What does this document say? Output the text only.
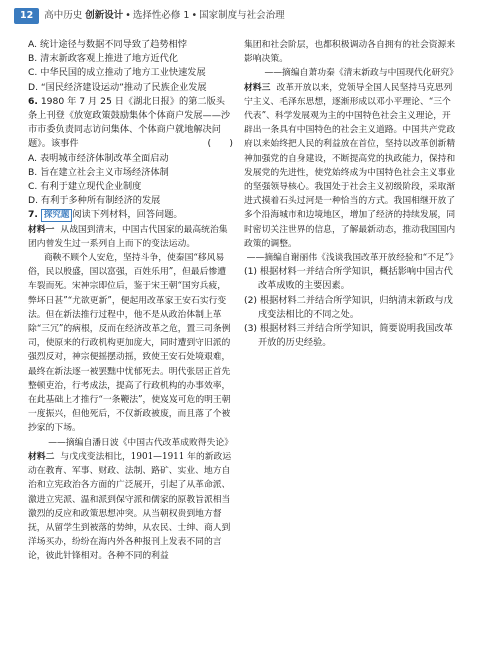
12 高中历史 创新设计 • 选择性必修 1 • 国家制度与社会治理

A. 统计途径与数据不同导致了趋势相悖

B. 清末新政客观上推进了地方近代化

C. 中华民国的成立推动了地方工业快速发展

D. “国民经济建设运动”推动了民族企业发展

6. 1980 年 7 月 25 日《湖北日报》的第二版头条上刊登《放宽政策鼓励集体个体商户发展——沙市市委负责同志访问集体、个体商户就地解决问题》。该事件	(　　)

A. 表明城市经济体制改革全面启动

B. 旨在建立社会主义市场经济体制

C. 有利于建立现代企业制度

D. 有利于多种所有制经济的发展

7. 探究题 阅读下列材料，回答问题。

材料一 从战国到清末，中国古代国家的最高统治集团内曾发生过一系列自上而下的变法运动。

商鞅不顾个人安危，坚持斗争，使秦国“移风易俗，民以殷盛，国以富强，百姓乐用”，但最后惨遭车裂而死。宋神宗即位后，鉴于宋王朝“国穷兵疲，弊坏日甚”“尤欲更新”，便起用改革家王安石实行变法。但在新法推行过程中，他不是从政治体制上革除“三冗”的病根，反而在经济改革之危，置三司条例司，使原来的行政机构更加庞大，同时遭到守旧派的强烈反对，神宗便摇摆动摇，致使王安石处境艰难，最终在新法逐一被罢黜中忧郁死去。明代张居正首先整顿吏治，行考成法，提高了行政机构的办事效率，在此基础上才推行“一条鞭法”，使岌岌可危的明王朝一度振兴，但他死后，不仅新政被废，而且落了个被抄家的下场。

——摘编自潘日波《中国古代改革成败得失论》

材料二 与戊戌变法相比，1901—1911 年的新政运动在教育、军事、财政、法制、路矿、实业、地方自治和立宪政治各方面的广泛展开，引起了从革命派、激进立宪派、温和派到保守派和儒家的原教旨派相当激烈的反应和政策思想冲突。从当朝权贵到地方督抚，从留学生到被落的势绅，从农民、士绅、商人到洋场买办，纷纷在海内外各种报刊上发表不同的言论，彼此针锋相对。各种不同的利益

集团和社会阶层，也都积极调动各自拥有的社会资源来影响决策。

——摘编自萧功秦《清末新政与中国现代化研究》

材料三 改革开放以来，党领导全国人民坚持马克思列宁主义、毛泽东思想，逐渐形成以邓小平理论、“三个代表”、科学发展观为主的中国特色社会主义理论，开辟出一条具有中国特色的社会主义道路。中国共产党政府以来始终把人民的利益放在首位，坚持以改革创新精神加强党的自身建设，不断提高党的执政能力，保持和发展党的先进性，使党始终成为中国特色社会主义事业的坚强领导核心。我国处于社会主义初级阶段，采取渐进式摸着石头过河是一种恰当的方式。我国相继开放了多个沿海城市和边境地区，增加了经济的持续发展，同时密切关注世界的信息，了解最新动态，推动我国国内政策的调整。

——摘编自谢丽伟《浅谈我国改革开放经验和“不足”》

(1) 根据材料一并结合所学知识，概括影响中国古代改革成败的主要因素。

(2) 根据材料二并结合所学知识，归纳清末新政与戊戌变法相比的不同之处。

(3) 根据材料三并结合所学知识，简要说明我国改革开放的历史经验。
